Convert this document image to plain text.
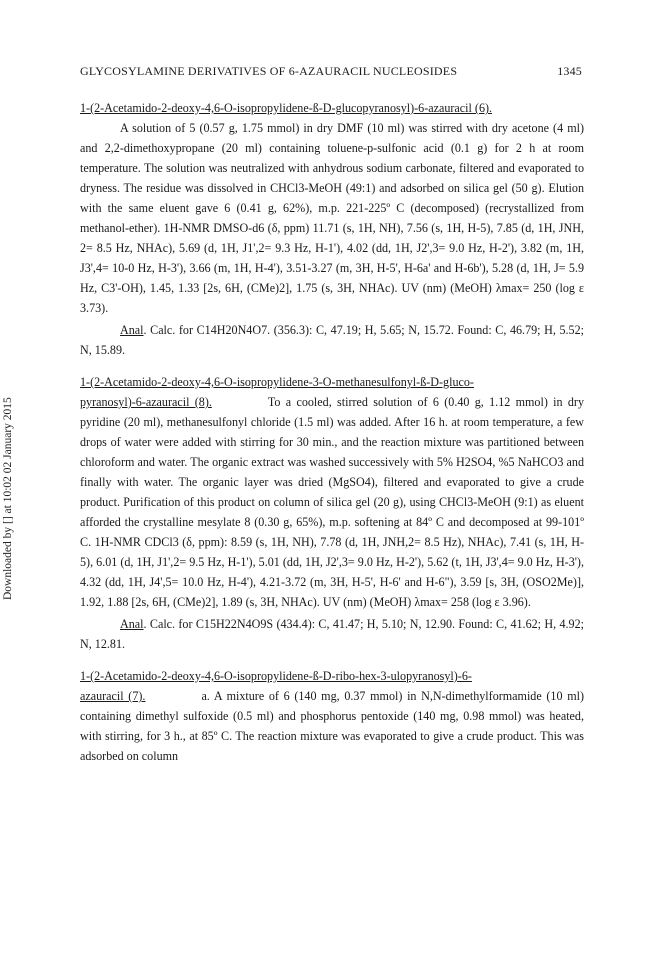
GLYCOSYLAMINE DERIVATIVES OF 6-AZAURACIL NUCLEOSIDES	1345
Downloaded by [] at 10:02 02 January 2015

1-(2-Acetamido-2-deoxy-4,6-O-isopropylidene-ß-D-glucopyranosyl)-6-azauracil (6).

A solution of 5 (0.57 g, 1.75 mmol) in dry DMF (10 ml) was stirred with dry acetone (4 ml) and 2,2-dimethoxypropane (20 ml) containing toluene-p-sulfonic acid (0.1 g) for 2 h at room temperature. The solution was neutralized with anhydrous sodium carbonate, filtered and evaporated to dryness. The residue was dissolved in CHCl3-MeOH (49:1) and adsorbed on silica gel (50 g). Elution with the same eluent gave 6 (0.41 g, 62%), m.p. 221-225º C (decomposed) (recrystallized from methanol-ether). 1H-NMR DMSO-d6 (δ, ppm) 11.71 (s, 1H, NH), 7.56 (s, 1H, H-5), 7.85 (d, 1H, JNH, 2= 8.5 Hz, NHAc), 5.69 (d, 1H, J1',2= 9.3 Hz, H-1'), 4.02 (dd, 1H, J2',3= 9.0 Hz, H-2'), 3.82 (m, 1H, J3',4= 10-0 Hz, H-3'), 3.66 (m, 1H, H-4'), 3.51-3.27 (m, 3H, H-5', H-6a' and H-6b'), 5.28 (d, 1H, J= 5.9 Hz, C3'-OH), 1.45, 1.33 [2s, 6H, (CMe)2], 1.75 (s, 3H, NHAc). UV (nm) (MeOH) λmax= 250 (log ε 3.73).

Anal. Calc. for C14H20N4O7. (356.3): C, 47.19; H, 5.65; N, 15.72. Found: C, 46.79; H, 5.52; N, 15.89.

1-(2-Acetamido-2-deoxy-4,6-O-isopropylidene-3-O-methanesulfonyl-ß-D-gluco-

pyranosyl)-6-azauracil (8).	To a cooled, stirred solution of 6 (0.40 g, 1.12 mmol) in dry pyridine (20 ml), methanesulfonyl chloride (1.5 ml) was added. After 16 h. at room temperature, a few drops of water were added with stirring for 30 min., and the reaction mixture was partitioned between chloroform and water. The organic extract was washed successively with 5% H2SO4, %5 NaHCO3 and finally with water. The organic layer was dried (MgSO4), filtered and evaporated to give a crude product. Purification of this product on column of silica gel (20 g), using CHCl3-MeOH (9:1) as eluent afforded the crystalline mesylate 8 (0.30 g, 65%), m.p. softening at 84º C and decomposed at 99-101º C. 1H-NMR CDCl3 (δ, ppm): 8.59 (s, 1H, NH), 7.78 (d, 1H, JNH,2= 8.5 Hz), NHAc), 7.41 (s, 1H, H-5), 6.01 (d, 1H, J1',2= 9.5 Hz, H-1'), 5.01 (dd, 1H, J2',3= 9.0 Hz, H-2'), 5.62 (t, 1H, J3',4= 9.0 Hz, H-3'), 4.32 (dd, 1H, J4',5= 10.0 Hz, H-4'), 4.21-3.72 (m, 3H, H-5', H-6' and H-6"), 3.59 [s, 3H, (OSO2Me)], 1.92, 1.88 [2s, 6H, (CMe)2], 1.89 (s, 3H, NHAc). UV (nm) (MeOH) λmax= 258 (log ε 3.96).

Anal. Calc. for C15H22N4O9S (434.4): C, 41.47; H, 5.10; N, 12.90. Found: C, 41.62; H, 4.92; N, 12.81.

1-(2-Acetamido-2-deoxy-4,6-O-isopropylidene-ß-D-ribo-hex-3-ulopyranosyl)-6-

azauracil (7).	a. A mixture of 6 (140 mg, 0.37 mmol) in N,N-dimethylformamide (10 ml) containing dimethyl sulfoxide (0.5 ml) and phosphorus pentoxide (140 mg, 0.98 mmol) was heated, with stirring, for 3 h., at 85º C. The reaction mixture was evaporated to give a crude product. This was adsorbed on column
